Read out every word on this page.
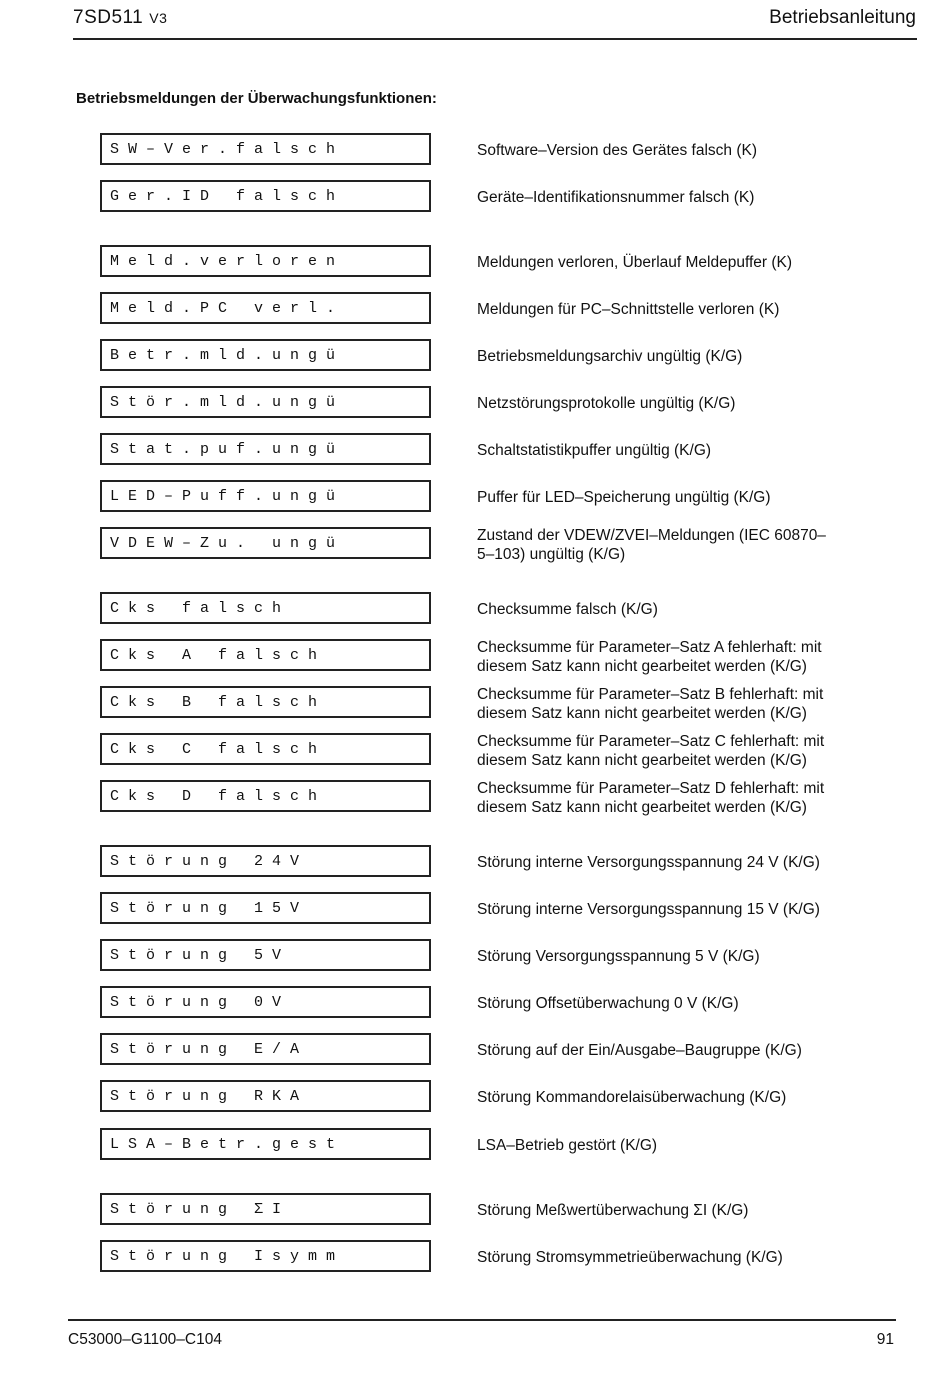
7SD511 V3	Betriebsanleitung
Betriebsmeldungen der Überwachungsfunktionen:
S W – V e r . f a l s c h	Software–Version des Gerätes falsch (K)
G e r . I D   f a l s c h	Geräte–Identifikationsnummer falsch (K)
M e l d . v e r l o r e n	Meldungen verloren, Überlauf Meldepuffer (K)
M e l d . P C   v e r l .	Meldungen für PC–Schnittstelle verloren (K)
B e t r . m l d . u n g ü	Betriebsmeldungsarchiv ungültig (K/G)
S t ö r . m l d . u n g ü	Netzstörungsprotokolle ungültig (K/G)
S t a t . p u f . u n g ü	Schaltstatistikpuffer ungültig (K/G)
L E D – P u f f . u n g ü	Puffer für LED–Speicherung ungültig (K/G)
V D E W – Z u .   u n g ü	Zustand der VDEW/ZVEI–Meldungen (IEC 60870–
5–103) ungültig (K/G)
C k s   f a l s c h	Checksumme falsch (K/G)
C k s   A   f a l s c h	Checksumme für Parameter–Satz A fehlerhaft: mit
diesem Satz kann nicht gearbeitet werden (K/G)
C k s   B   f a l s c h	Checksumme für Parameter–Satz B fehlerhaft: mit
diesem Satz kann nicht gearbeitet werden (K/G)
C k s   C   f a l s c h	Checksumme für Parameter–Satz C fehlerhaft: mit
diesem Satz kann nicht gearbeitet werden (K/G)
C k s   D   f a l s c h	Checksumme für Parameter–Satz D fehlerhaft: mit
diesem Satz kann nicht gearbeitet werden (K/G)
S t ö r u n g   2 4 V	Störung interne Versorgungsspannung 24 V (K/G)
S t ö r u n g   1 5 V	Störung interne Versorgungsspannung 15 V (K/G)
S t ö r u n g   5 V	Störung Versorgungsspannung 5 V (K/G)
S t ö r u n g   0 V	Störung Offsetüberwachung 0 V (K/G)
S t ö r u n g   E / A	Störung auf der Ein/Ausgabe–Baugruppe (K/G)
S t ö r u n g   R K A	Störung Kommandorelaisüberwachung (K/G)
L S A – B e t r . g e s t	LSA–Betrieb gestört (K/G)
S t ö r u n g   Σ I	Störung Meßwertüberwachung ΣI (K/G)
S t ö r u n g   I s y m m	Störung Stromsymmetrieüberwachung (K/G)
C53000–G1100–C104	91
